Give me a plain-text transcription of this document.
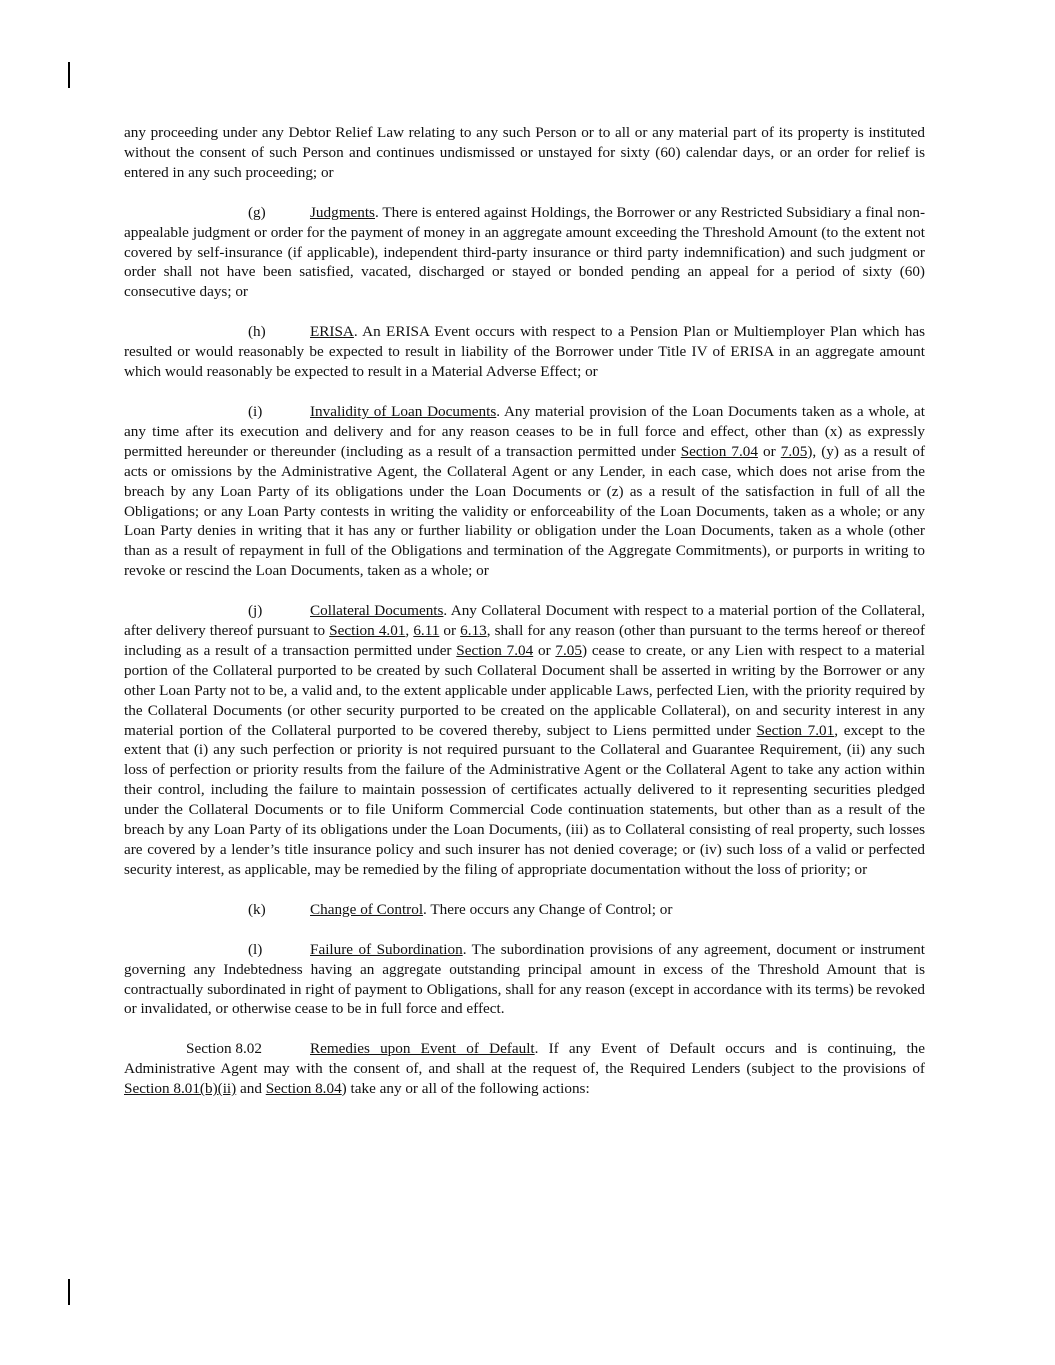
any proceeding under any Debtor Relief Law relating to any such Person or to all or any material part of its property is instituted without the consent of such Person and continues undismissed or unstayed for sixty (60) calendar days, or an order for relief is entered in any such proceeding; or

(g)	Judgments. There is entered against Holdings, the Borrower or any Restricted Subsidiary a final non-appealable judgment or order for the payment of money in an aggregate amount exceeding the Threshold Amount (to the extent not covered by self-insurance (if applicable), independent third-party insurance or third party indemnification) and such judgment or order shall not have been satisfied, vacated, discharged or stayed or bonded pending an appeal for a period of sixty (60) consecutive days; or

(h)	ERISA. An ERISA Event occurs with respect to a Pension Plan or Multiemployer Plan which has resulted or would reasonably be expected to result in liability of the Borrower under Title IV of ERISA in an aggregate amount which would reasonably be expected to result in a Material Adverse Effect; or

(i)	Invalidity of Loan Documents. Any material provision of the Loan Documents taken as a whole, at any time after its execution and delivery and for any reason ceases to be in full force and effect, other than (x) as expressly permitted hereunder or thereunder (including as a result of a transaction permitted under Section 7.04 or 7.05), (y) as a result of acts or omissions by the Administrative Agent, the Collateral Agent or any Lender, in each case, which does not arise from the breach by any Loan Party of its obligations under the Loan Documents or (z) as a result of the satisfaction in full of all the Obligations; or any Loan Party contests in writing the validity or enforceability of the Loan Documents, taken as a whole; or any Loan Party denies in writing that it has any or further liability or obligation under the Loan Documents, taken as a whole (other than as a result of repayment in full of the Obligations and termination of the Aggregate Commitments), or purports in writing to revoke or rescind the Loan Documents, taken as a whole; or

(j)	Collateral Documents. Any Collateral Document with respect to a material portion of the Collateral, after delivery thereof pursuant to Section 4.01, 6.11 or 6.13, shall for any reason (other than pursuant to the terms hereof or thereof including as a result of a transaction permitted under Section 7.04 or 7.05) cease to create, or any Lien with respect to a material portion of the Collateral purported to be created by such Collateral Document shall be asserted in writing by the Borrower or any other Loan Party not to be, a valid and, to the extent applicable under applicable Laws, perfected Lien, with the priority required by the Collateral Documents (or other security purported to be created on the applicable Collateral), on and security interest in any material portion of the Collateral purported to be covered thereby, subject to Liens permitted under Section 7.01, except to the extent that (i) any such perfection or priority is not required pursuant to the Collateral and Guarantee Requirement, (ii) any such loss of perfection or priority results from the failure of the Administrative Agent or the Collateral Agent to take any action within their control, including the failure to maintain possession of certificates actually delivered to it representing securities pledged under the Collateral Documents or to file Uniform Commercial Code continuation statements, but other than as a result of the breach by any Loan Party of its obligations under the Loan Documents, (iii) as to Collateral consisting of real property, such losses are covered by a lender’s title insurance policy and such insurer has not denied coverage; or (iv) such loss of a valid or perfected security interest, as applicable, may be remedied by the filing of appropriate documentation without the loss of priority; or

(k)	Change of Control. There occurs any Change of Control; or

(l)	Failure of Subordination. The subordination provisions of any agreement, document or instrument governing any Indebtedness having an aggregate outstanding principal amount in excess of the Threshold Amount that is contractually subordinated in right of payment to Obligations, shall for any reason (except in accordance with its terms) be revoked or invalidated, or otherwise cease to be in full force and effect.

Section 8.02	Remedies upon Event of Default. If any Event of Default occurs and is continuing, the Administrative Agent may with the consent of, and shall at the request of, the Required Lenders (subject to the provisions of Section 8.01(b)(ii) and Section 8.04) take any or all of the following actions:
